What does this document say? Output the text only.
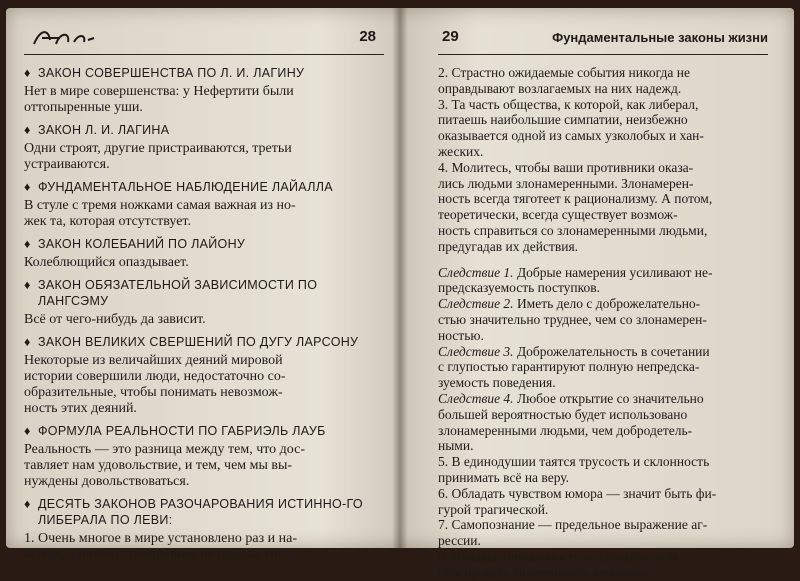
28
♦ ЗАКОН СОВЕРШЕНСТВА ПО Л. И. ЛАГИНУ
Нет в мире совершенства: у Нефертити были
оттопыренные уши.
♦ ЗАКОН Л. И. ЛАГИНА
Одни строят, другие пристраиваются, третьи
устраиваются.
♦ ФУНДАМЕНТАЛЬНОЕ НАБЛЮДЕНИЕ ЛАЙАЛЛА
В стуле с тремя ножками самая важная из но-
жек та, которая отсутствует.
♦ ЗАКОН КОЛЕБАНИЙ ПО ЛАЙОНУ
Колеблющийся опаздывает.
♦ ЗАКОН ОБЯЗАТЕЛЬНОЙ ЗАВИСИМОСТИ ПО ЛАНГСЭМУ
Всё от чего-нибудь да зависит.
♦ ЗАКОН ВЕЛИКИХ СВЕРШЕНИЙ ПО ДУГУ ЛАРСОНУ
Некоторые из величайших деяний мировой
истории совершили люди, недостаточно со-
образительные, чтобы понимать невозмож-
ность этих деяний.
♦ ФОРМУЛА РЕАЛЬНОСТИ ПО ГАБРИЭЛЬ ЛАУБ
Реальность — это разница между тем, что дос-
тавляет нам удовольствие, и тем, чем мы вы-
нуждены довольствоваться.
♦ ДЕСЯТЬ ЗАКОНОВ РАЗОЧАРОВАНИЯ ИСТИННО-ГО ЛИБЕРАЛА ПО ЛЕВИ:
1. Очень многое в мире установлено раз и на-
всегда, а потому изменениям не подвластно.
29	Фундаментальные законы жизни

2. Страстно ожидаемые события никогда не

оправдывают возлагаемых на них надежд.

3. Та часть общества, к которой, как либерал,

питаешь наибольшие симпатии, неизбежно

оказывается одной из самых узколобых и хан-

жеских.

4. Молитесь, чтобы ваши противники оказа-

лись людьми злонамеренными. Злонамерен-

ность всегда тяготеет к рационализму. А потом,

теоретически, всегда существует возмож-

ность справиться со злонамеренными людьми,

предугадав их действия.

Следствие 1. Добрые намерения усиливают не-

предсказуемость поступков.

Следствие 2. Иметь дело с доброжелательно-

стью значительно труднее, чем со злонамерен-

ностью.

Следствие 3. Доброжелательность в сочетании

с глупостью гарантируют полную непредска-

зуемость поведения.

Следствие 4. Любое открытие со значительно

большей вероятностью будет использовано

злонамеренными людьми, чем добродетель-

ными.

5. В единодушии таятся трусость и склонность

принимать всё на веру.

6. Обладать чувством юмора — значит быть фи-

гурой трагической.

7. Самопознание — предельное выражение аг-

рессии.

8. Никакая гениальность не способна ком-

пенсировать увлеченность мелочами.
